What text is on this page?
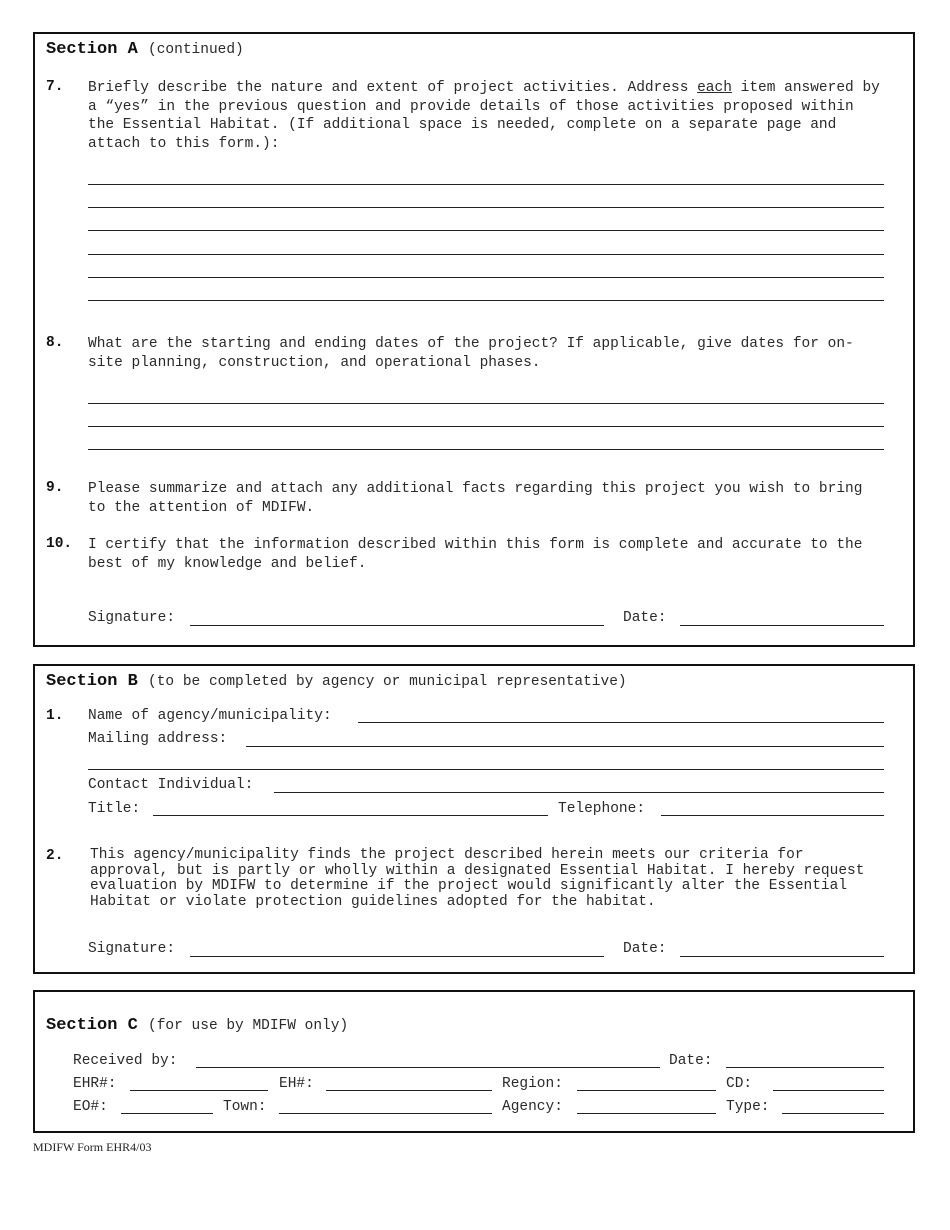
Section A (continued)
7. Briefly describe the nature and extent of project activities. Address each item answered by a “yes” in the previous question and provide details of those activities proposed within the Essential Habitat. (If additional space is needed, complete on a separate page and attach to this form.):
8. What are the starting and ending dates of the project? If applicable, give dates for on-site planning, construction, and operational phases.
9. Please summarize and attach any additional facts regarding this project you wish to bring to the attention of MDIFW.
10. I certify that the information described within this form is complete and accurate to the best of my knowledge and belief.
Signature:	Date:
Section B (to be completed by agency or municipal representative)
1. Name of agency/municipality:
Mailing address:
Contact Individual:
Title:	Telephone:
2. This agency/municipality finds the project described herein meets our criteria for approval, but is partly or wholly within a designated Essential Habitat. I hereby request evaluation by MDIFW to determine if the project would significantly alter the Essential Habitat or violate protection guidelines adopted for the habitat.
Signature:	Date:
Section C (for use by MDIFW only)
Received by:	Date:
EHR#:	EH#:	Region:	CD:
EO#:	Town:	Agency:	Type:
MDIFW Form EHR4/03
